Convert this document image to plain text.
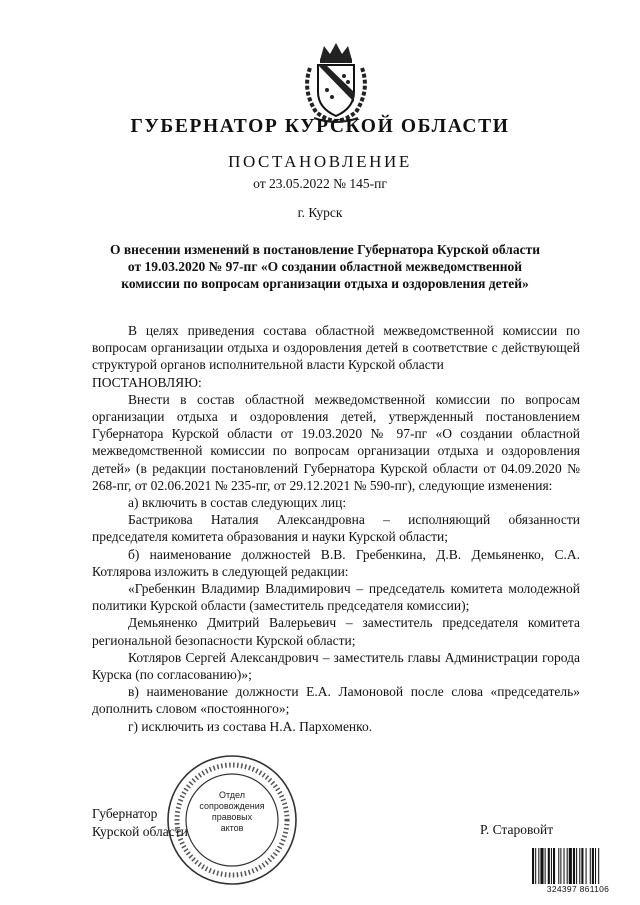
ГУБЕРНАТОР КУРСКОЙ ОБЛАСТИ
ПОСТАНОВЛЕНИЕ
от 23.05.2022 № 145-пг
г. Курск
О внесении изменений в постановление Губернатора Курской области
от 19.03.2020 № 97-пг «О создании областной межведомственной
комиссии по вопросам организации отдыха и оздоровления детей»

В целях приведения состава областной межведомственной комиссии по вопросам организации отдыха и оздоровления детей в соответствие с действующей структурой органов исполнительной власти Курской области

ПОСТАНОВЛЯЮ:

Внести в состав областной межведомственной комиссии по вопросам организации отдыха и оздоровления детей, утвержденный постановлением Губернатора Курской области от 19.03.2020 № 97-пг «О создании областной межведомственной комиссии по вопросам организации отдыха и оздоровления детей» (в редакции постановлений Губернатора Курской области от 04.09.2020 № 268-пг, от 02.06.2021 № 235-пг, от 29.12.2021 № 590-пг), следующие изменения:

а) включить в состав следующих лиц:

Бастрикова Наталия Александровна – исполняющий обязанности председателя комитета образования и науки Курской области;

б) наименование должностей В.В. Гребенкина, Д.В. Демьяненко, С.А. Котлярова изложить в следующей редакции:

«Гребенкин Владимир Владимирович – председатель комитета молодежной политики Курской области (заместитель председателя комиссии);

Демьяненко Дмитрий Валерьевич – заместитель председателя комитета региональной безопасности Курской области;

Котляров Сергей Александрович – заместитель главы Администрации города Курска (по согласованию)»;

в) наименование должности Е.А. Ламоновой после слова «председатель» дополнить словом «постоянного»;

г) исключить из состава Н.А. Пархоменко.

Отдел
сопровождения
правовых
актов
Губернатор
Курской области	Р. Старовойт
324397 861106
